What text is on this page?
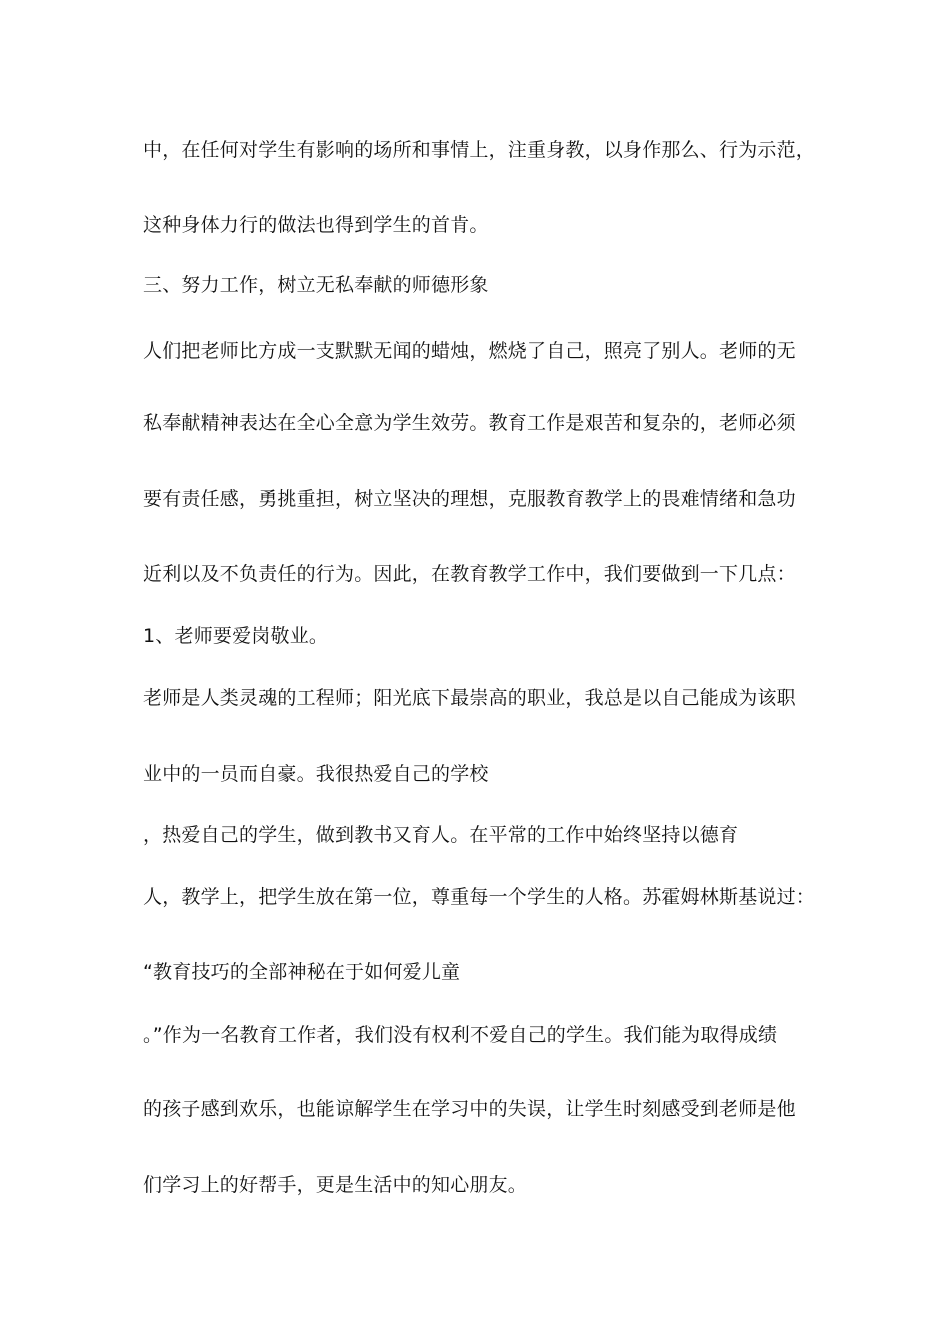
中，在任何对学生有影响的场所和事情上，注重身教，以身作那么、行为示范，
这种身体力行的做法也得到学生的首肯。
三、努力工作，树立无私奉献的师德形象
人们把老师比方成一支默默无闻的蜡烛，燃烧了自己，照亮了别人。老师的无
私奉献精神表达在全心全意为学生效劳。教育工作是艰苦和复杂的，老师必须
要有责任感，勇挑重担，树立坚决的理想，克服教育教学上的畏难情绪和急功
近利以及不负责任的行为。因此，在教育教学工作中，我们要做到一下几点：
1、老师要爱岗敬业。
老师是人类灵魂的工程师；阳光底下最崇高的职业，我总是以自己能成为该职
业中的一员而自豪。我很热爱自己的学校
，热爱自己的学生，做到教书又育人。在平常的工作中始终坚持以德育
人，教学上，把学生放在第一位，尊重每一个学生的人格。苏霍姆林斯基说过：
“教育技巧的全部神秘在于如何爱儿童
。”作为一名教育工作者，我们没有权利不爱自己的学生。我们能为取得成绩
的孩子感到欢乐，也能谅解学生在学习中的失误，让学生时刻感受到老师是他
们学习上的好帮手，更是生活中的知心朋友。
